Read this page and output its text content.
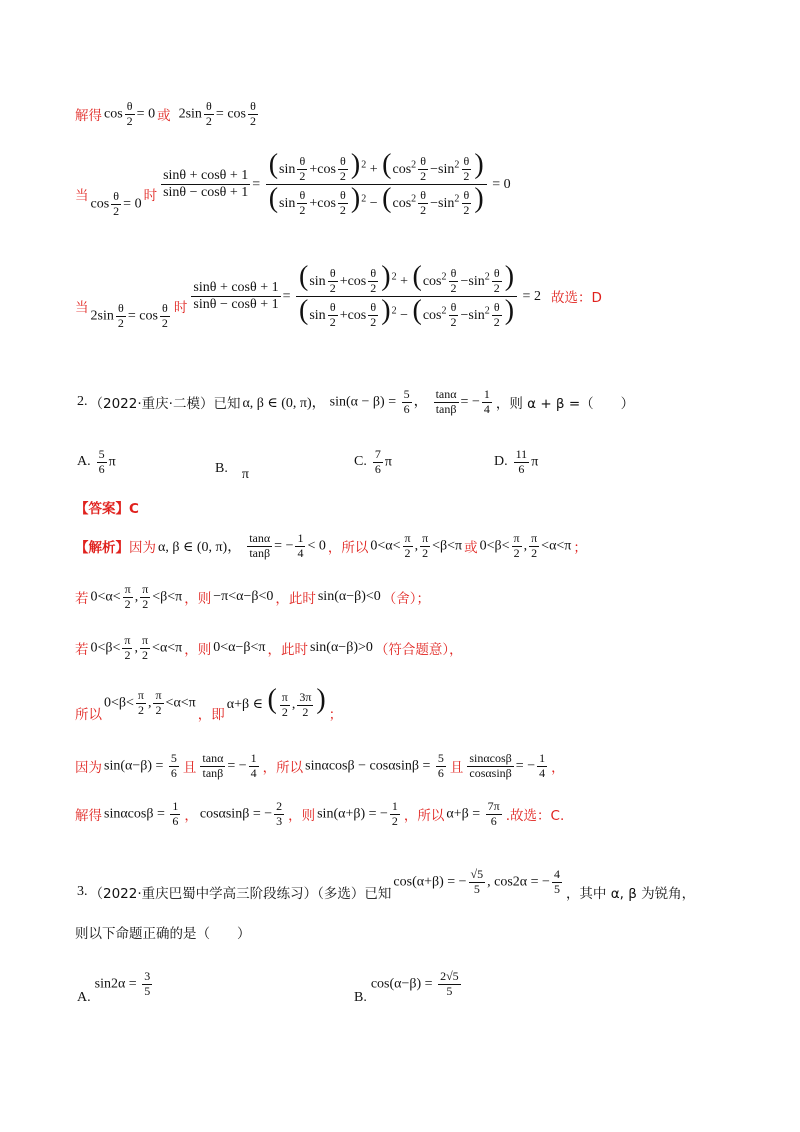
解得 $\cos \frac{\theta}{2} = 0$ 或 $2\sin \frac{\theta}{2} = \cos \frac{\theta}{2}$
当 $\cos \frac{\theta}{2} = 0$ 时 $\frac{\sin\theta + \cos\theta + 1}{\sin\theta - \cos\theta + 1} = \frac{(\sin \frac{\theta}{2} +\cos \frac{\theta}{2} )^2 + (\cos^2 \frac{\theta}{2} -\sin^2 \frac{\theta}{2} )}{(\sin \frac{\theta}{2} +\cos \frac{\theta}{2} )^2 - (\cos^2 \frac{\theta}{2} -\sin^2 \frac{\theta}{2} )} = 0$
当 $2\sin \frac{\theta}{2} = \cos \frac{\theta}{2}$ 时 $\frac{\sin\theta + \cos\theta + 1}{\sin\theta - \cos\theta + 1} = \frac{(\sin \frac{\theta}{2} +\cos \frac{\theta}{2} )^2 + (\cos^2 \frac{\theta}{2} -\sin^2 \frac{\theta}{2} )}{(\sin \frac{\theta}{2} +\cos \frac{\theta}{2} )^2 - (\cos^2 \frac{\theta}{2} -\sin^2 \frac{\theta}{2} )} = 2$ 故选：D
2. （2022·重庆·二模）已知 α, β ∈ (0, π)， $\sin(\alpha - \beta) = \frac{5}{6}$ ， $\frac{\tan\alpha}{\tan\beta}$ = − $\frac{1}{4}$ ，则 α + β =（　　）
A. $\frac{5}{6}$ π	B. π
C. $\frac{7}{6}$ π	D. $\frac{11}{6}$ π
【答案】C
【解析】 因为 α, β ∈ (0, π)， $\frac{\tan\alpha}{\tan\beta}$ = − $\frac{1}{4} < 0$ ，所以 $0<\alpha< \frac{\pi}{2}$ , $\frac{\pi}{2} <\beta<\pi$ 或 $0<\beta< \frac{\pi}{2}$ , $\frac{\pi}{2} <\alpha<\pi$ ；
若 $0<\alpha< \frac{\pi}{2}$ , $\frac{\pi}{2} <\beta<\pi$ ，则 −π<α−β<0 ，此时 sin(α−β)<0 （舍）；
若 $0<\beta< \frac{\pi}{2}$ , $\frac{\pi}{2} <\alpha<\pi$ ，则 0<α−β<π ，此时 sin(α−β)>0 （符合题意），
所以
$0<\beta< \frac{\pi}{2}$ , $\frac{\pi}{2} <\alpha<\pi$
，即
α+β ∈ ( $\frac{\pi}{2}$ , $\frac{3\pi}{2}$ ) ；
因为 $\sin(\alpha-\beta) = \frac{5}{6}$ 且 $\frac{\tan\alpha}{\tan\beta}$ = − $\frac{1}{4}$ ，所以 $\sin\alpha\cos\beta - \cos\alpha\sin\beta = \frac{5}{6}$ 且 $\frac{\sin\alpha\cos\beta}{\cos\alpha\sin\beta}$ = − $\frac{1}{4}$ ，
解得 $\sin\alpha\cos\beta = \frac{1}{6}$ ， cosαsinβ = − $\frac{2}{3}$ ，则 sin(α+β) = − $\frac{1}{2}$ ，所以 $\alpha+\beta = \frac{7\pi}{6}$ .故选：C.
3. （2022·重庆巴蜀中学高三阶段练习）（多选）已知
cos(α+β) = − $\frac{√5}{5}$ , cos2α = − $\frac{4}{5}$ ，其中 α, β 为锐角，
则以下命题正确的是（　　）
A.
$\sin 2\alpha = \frac{3}{5}$	B.
$\cos(\alpha-\beta) = \frac{2√5}{5}$
